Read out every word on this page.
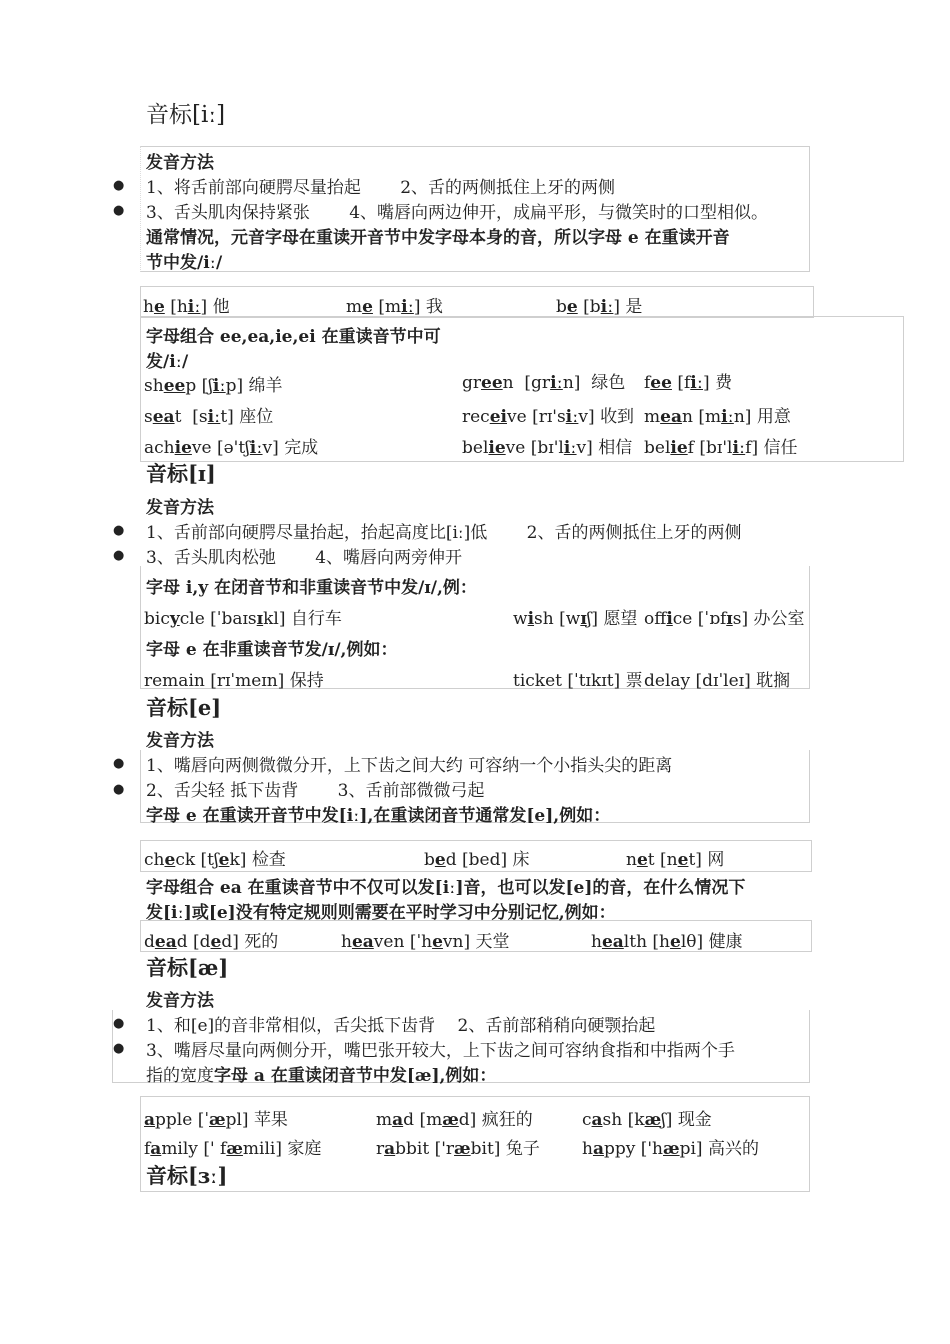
音标[iː]
发音方法
● 1、将舌前部向硬腭尽量抬起　　 2、舌的两侧抵住上牙的两侧
● 3、舌头肌肉保持紧张　　 4、嘴唇向两边伸开，成扁平形，与微笑时的口型相似。
通常情况，元音字母在重读开音节中发字母本身的音，所以字母 e 在重读开音
节中发/iː/
he [hiː] 他	me [miː] 我	be [biː] 是
字母组合 ee,ea,ie,ei 在重读音节中可
发/iː/
sheep [ʃiːp] 绵羊	green [griːn] 绿色 fee [fiː] 费
seat [siːt] 座位	receive [rɪ'siːv] 收到 mean [miːn] 用意
achieve [ə'tʃiːv] 完成	believe [bɪ'liːv] 相信 belief [bɪ'liːf] 信任
音标[ɪ]
发音方法
● 1、舌前部向硬腭尽量抬起，抬起高度比[iː]低　　 2、舌的两侧抵住上牙的两侧
● 3、舌头肌肉松弛　　 4、嘴唇向两旁伸开
字母 i,y 在闭音节和非重读音节中发/ɪ/,例：
bicycle [ˈbaɪsɪkl] 自行车	wish [wɪʃ] 愿望 office [ˈɒfɪs] 办公室
字母 e 在非重读音节发/ɪ/,例如：
remain [rɪˈmeɪn] 保持	ticket [ˈtɪkɪt] 票 delay [dɪˈleɪ] 耽搁
音标[e]
发音方法
● 1、嘴唇向两侧微微分开，上下齿之间大约 可容纳一个小指头尖的距离
● 2、舌尖轻 抵下齿背　　 3、舌前部微微弓起
字母 e 在重读开音节中发[iː],在重读闭音节通常发[e],例如：
check [tʃek] 检查	bed [bed] 床	net [net] 网
字母组合 ea 在重读音节中不仅可以发[iː]音，也可以发[e]的音，在什么情况下
发[iː]或[e]没有特定规则则需要在平时学习中分别记忆,例如：
dead [ded] 死的	heaven [ˈhevn] 天堂	health [helθ] 健康
音标[æ]
发音方法
● 1、和[e]的音非常相似，舌尖抵下齿背　 2、舌前部稍稍向硬颚抬起
● 3、嘴唇尽量向两侧分开，嘴巴张开较大，上下齿之间可容纳食指和中指两个手
指的宽度字母 a 在重读闭音节中发[æ],例如：
apple [ˈæpl] 苹果	mad [mæd] 疯狂的	cash [kæʃ] 现金
family [' fæmili] 家庭	rabbit ['ræbit] 兔子 happy ['hæpi] 高兴的
音标[ɜː]
